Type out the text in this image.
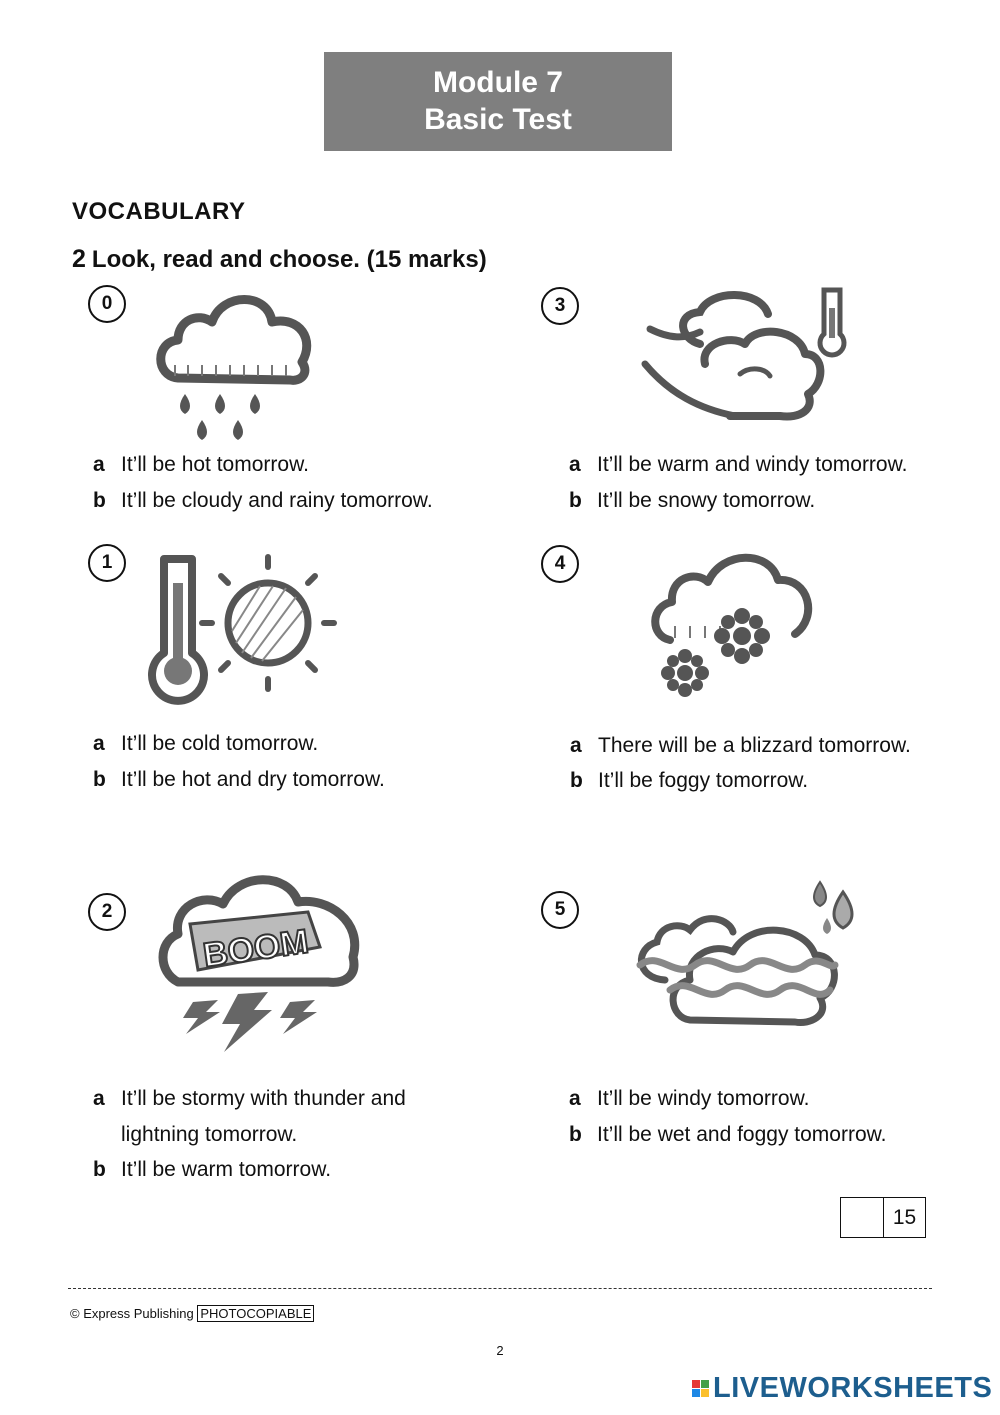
Module 7
Basic Test
VOCABULARY
2 Look, read and choose. (15 marks)
0
a It’ll be hot tomorrow.
b It’ll be cloudy and rainy tomorrow.
1
a It’ll be cold tomorrow.
b It’ll be hot and dry tomorrow.
2
BOOM
a It’ll be stormy with thunder and
lightning tomorrow.
b It’ll be warm tomorrow.
3
a It’ll be warm and windy tomorrow.
b It’ll be snowy tomorrow.
4
a There will be a blizzard tomorrow.
b It’ll be foggy tomorrow.
5
a It’ll be windy tomorrow.
b It’ll be wet and foggy tomorrow.
15
© Express Publishing PHOTOCOPIABLE
2
LIVEWORKSHEETS
